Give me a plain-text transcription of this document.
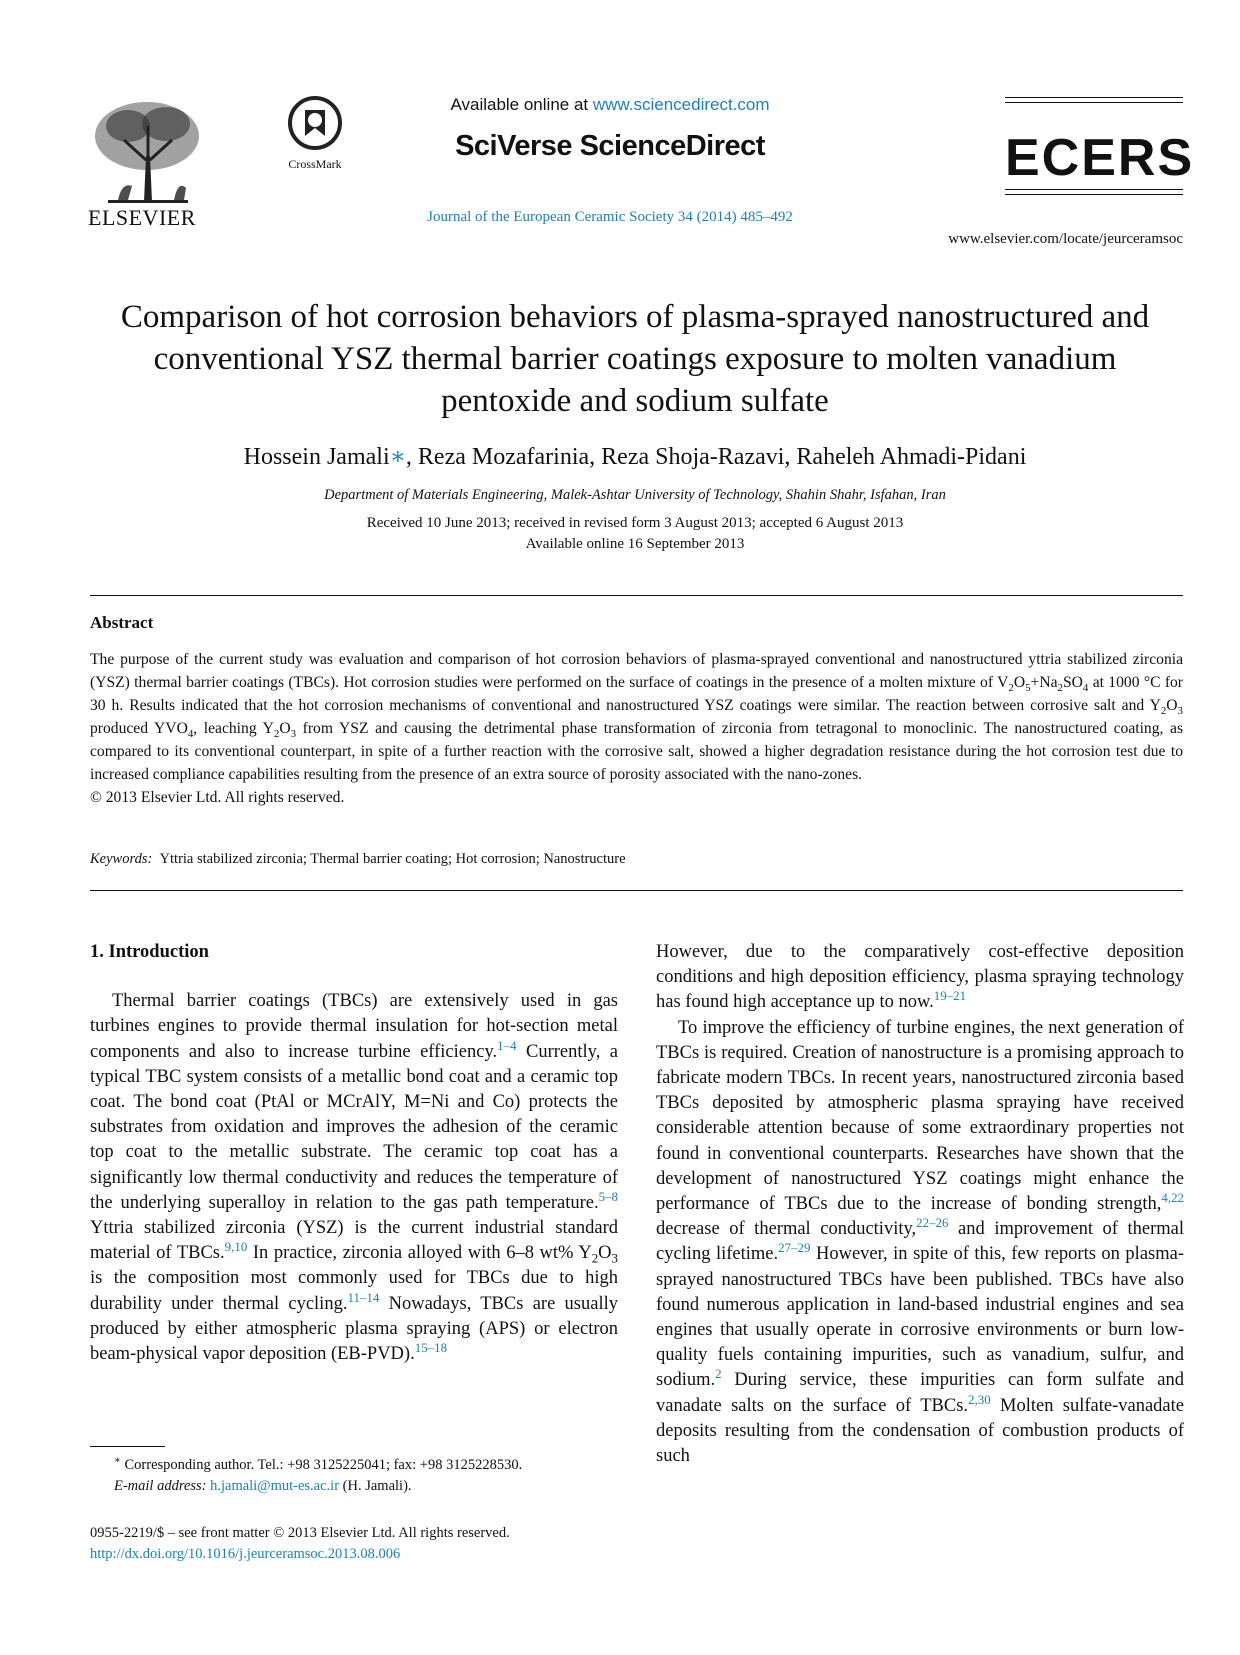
ELSEVIER
CrossMark
Available online at www.sciencedirect.com
SciVerse ScienceDirect
Journal of the European Ceramic Society 34 (2014) 485–492
ECERS
www.elsevier.com/locate/jeurceramsoc
Comparison of hot corrosion behaviors of plasma-sprayed nanostructured and conventional YSZ thermal barrier coatings exposure to molten vanadium pentoxide and sodium sulfate
Hossein Jamali∗, Reza Mozafarinia, Reza Shoja-Razavi, Raheleh Ahmadi-Pidani
Department of Materials Engineering, Malek-Ashtar University of Technology, Shahin Shahr, Isfahan, Iran
Received 10 June 2013; received in revised form 3 August 2013; accepted 6 August 2013
Available online 16 September 2013
Abstract
The purpose of the current study was evaluation and comparison of hot corrosion behaviors of plasma-sprayed conventional and nanostructured yttria stabilized zirconia (YSZ) thermal barrier coatings (TBCs). Hot corrosion studies were performed on the surface of coatings in the presence of a molten mixture of $V_2O_5+Na_2SO_4$ at 1000 °C for 30 h. Results indicated that the hot corrosion mechanisms of conventional and nanostructured YSZ coatings were similar. The reaction between corrosive salt and $Y_2O_3$ produced $YVO_4$, leaching $Y_2O_3$ from YSZ and causing the detrimental phase transformation of zirconia from tetragonal to monoclinic. The nanostructured coating, as compared to its conventional counterpart, in spite of a further reaction with the corrosive salt, showed a higher degradation resistance during the hot corrosion test due to increased compliance capabilities resulting from the presence of an extra source of porosity associated with the nano-zones.
© 2013 Elsevier Ltd. All rights reserved.
Keywords: Yttria stabilized zirconia; Thermal barrier coating; Hot corrosion; Nanostructure
1. Introduction

Thermal barrier coatings (TBCs) are extensively used in gas turbines engines to provide thermal insulation for hot-section metal components and also to increase turbine efficiency.$^{1-4}$ Currently, a typical TBC system consists of a metallic bond coat and a ceramic top coat. The bond coat (PtAl or MCrAlY, M=Ni and Co) protects the substrates from oxidation and improves the adhesion of the ceramic top coat to the metallic substrate. The ceramic top coat has a significantly low thermal conductivity and reduces the temperature of the underlying superalloy in relation to the gas path temperature.$^{5-8}$ Yttria stabilized zirconia (YSZ) is the current industrial standard material of TBCs.$^{9,10}$ In practice, zirconia alloyed with 6–8 wt% $Y_2O_3$ is the composition most commonly used for TBCs due to high durability under thermal cycling.$^{11-14}$ Nowadays, TBCs are usually produced by either atmospheric plasma spraying (APS) or electron beam-physical vapor deposition (EB-PVD).$^{15-18}$

However, due to the comparatively cost-effective deposition conditions and high deposition efficiency, plasma spraying technology has found high acceptance up to now.$^{19-21}$

To improve the efficiency of turbine engines, the next generation of TBCs is required. Creation of nanostructure is a promising approach to fabricate modern TBCs. In recent years, nanostructured zirconia based TBCs deposited by atmospheric plasma spraying have received considerable attention because of some extraordinary properties not found in conventional counterparts. Researches have shown that the development of nanostructured YSZ coatings might enhance the performance of TBCs due to the increase of bonding strength,$^{4,22}$ decrease of thermal conductivity,$^{22-26}$ and improvement of thermal cycling lifetime.$^{27-29}$ However, in spite of this, few reports on plasma-sprayed nanostructured TBCs have been published. TBCs have also found numerous application in land-based industrial engines and sea engines that usually operate in corrosive environments or burn low-quality fuels containing impurities, such as vanadium, sulfur, and sodium.$^2$ During service, these impurities can form sulfate and vanadate salts on the surface of TBCs.$^{2,30}$ Molten sulfate-vanadate deposits resulting from the condensation of combustion products of such

∗ Corresponding author. Tel.: +98 3125225041; fax: +98 3125228530.
E-mail address: h.jamali@mut-es.ac.ir (H. Jamali).
0955-2219/$ – see front matter © 2013 Elsevier Ltd. All rights reserved.
http://dx.doi.org/10.1016/j.jeurceramsoc.2013.08.006
